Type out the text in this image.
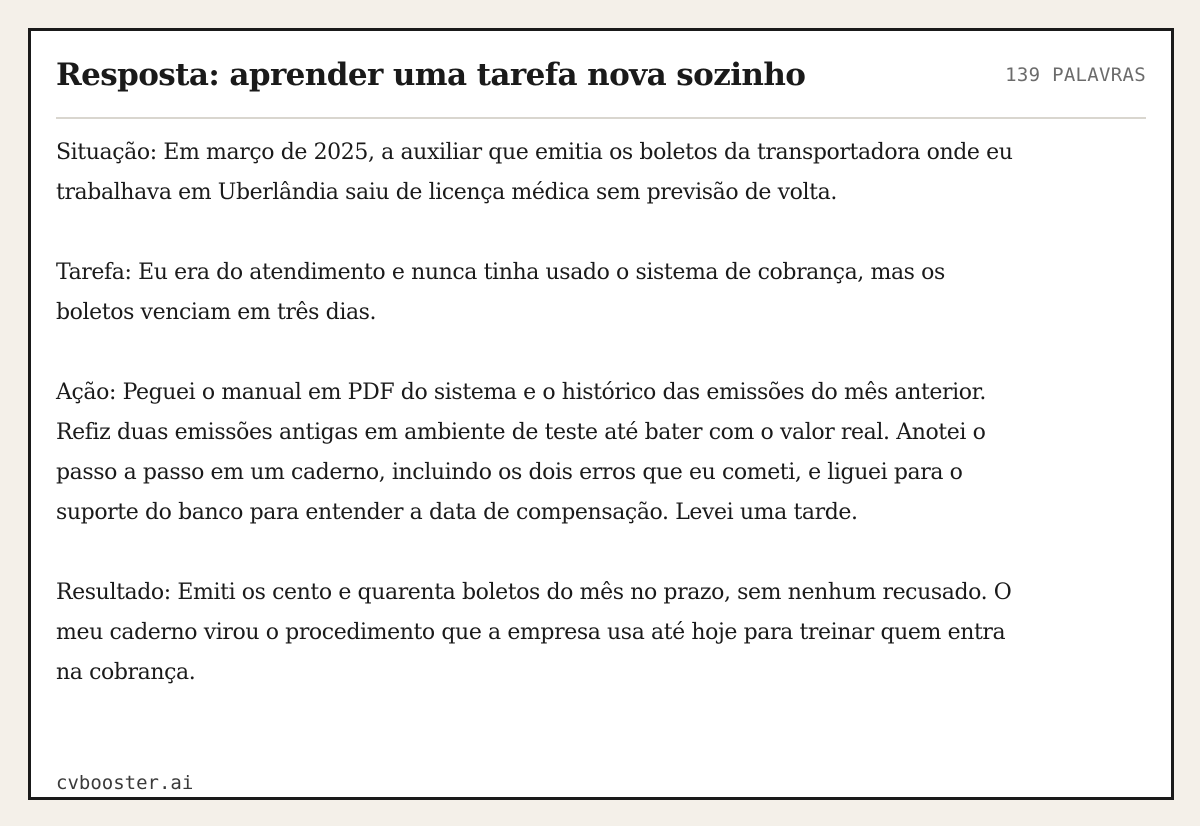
Resposta: aprender uma tarefa nova sozinho	139 PALAVRAS

Situação: Em março de 2025, a auxiliar que emitia os boletos da transportadora onde eu trabalhava em Uberlândia saiu de licença médica sem previsão de volta.

Tarefa: Eu era do atendimento e nunca tinha usado o sistema de cobrança, mas os boletos venciam em três dias.

Ação: Peguei o manual em PDF do sistema e o histórico das emissões do mês anterior. Refiz duas emissões antigas em ambiente de teste até bater com o valor real. Anotei o passo a passo em um caderno, incluindo os dois erros que eu cometi, e liguei para o suporte do banco para entender a data de compensação. Levei uma tarde.

Resultado: Emiti os cento e quarenta boletos do mês no prazo, sem nenhum recusado. O meu caderno virou o procedimento que a empresa usa até hoje para treinar quem entra na cobrança.

cvbooster.ai
